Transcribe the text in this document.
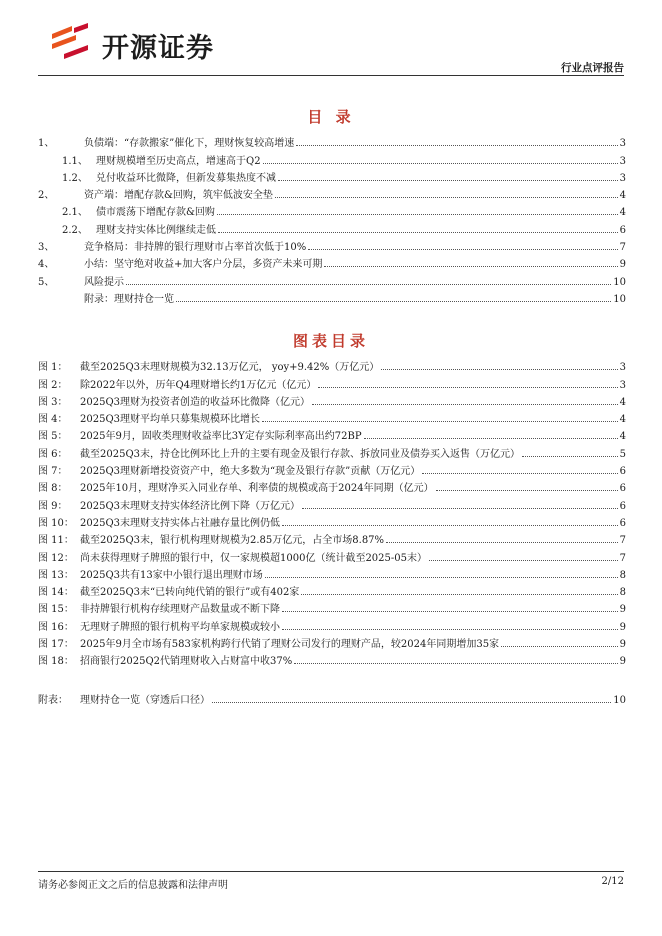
开源证券
行业点评报告
目 录
1、	负债端：“存款搬家”催化下，理财恢复较高增速	3
1.1、 理财规模增至历史高点，增速高于Q2	3
1.2、 兑付收益环比微降，但新发募集热度不减	3
2、	资产端：增配存款&回购，筑牢低波安全垫	4
2.1、 债市震荡下增配存款&回购	4
2.2、 理财支持实体比例继续走低	6
3、	竞争格局：非持牌的银行理财市占率首次低于10%	7
4、	小结：坚守绝对收益+加大客户分层，多资产未来可期	9
5、	风险提示	10
附录：理财持仓一览	10
图表目录
图 1：	截至2025Q3末理财规模为32.13万亿元， yoy+9.42%（万亿元）	3
图 2：	除2022年以外，历年Q4理财增长约1万亿元（亿元）	3
图 3：	2025Q3理财为投资者创造的收益环比微降（亿元）	4
图 4：	2025Q3理财平均单只募集规模环比增长	4
图 5：	2025年9月，固收类理财收益率比3Y定存实际利率高出约72BP	4
图 6：	截至2025Q3末，持仓比例环比上升的主要有现金及银行存款、拆放同业及债券买入返售（万亿元）	5
图 7：	2025Q3理财新增投资资产中，绝大多数为“现金及银行存款”贡献（万亿元）	6
图 8：	2025年10月，理财净买入同业存单、利率债的规模或高于2024年同期（亿元）	6
图 9：	2025Q3末理财支持实体经济比例下降（万亿元）	6
图 10： 2025Q3末理财支持实体占社融存量比例仍低	6
图 11： 截至2025Q3末，银行机构理财规模为2.85万亿元，占全市场8.87%	7
图 12： 尚未获得理财子牌照的银行中，仅一家规模超1000亿（统计截至2025-05末）	7
图 13： 2025Q3共有13家中小银行退出理财市场	8
图 14： 截至2025Q3末“已转向纯代销的银行”或有402家	8
图 15： 非持牌银行机构存续理财产品数量或不断下降	9
图 16： 无理财子牌照的银行机构平均单家规模或较小	9
图 17： 2025年9月全市场有583家机构跨行代销了理财公司发行的理财产品，较2024年同期增加35家	9
图 18： 招商银行2025Q2代销理财收入占财富中收37%	9
附表：	理财持仓一览（穿透后口径）	10
请务必参阅正文之后的信息披露和法律声明	2/12
